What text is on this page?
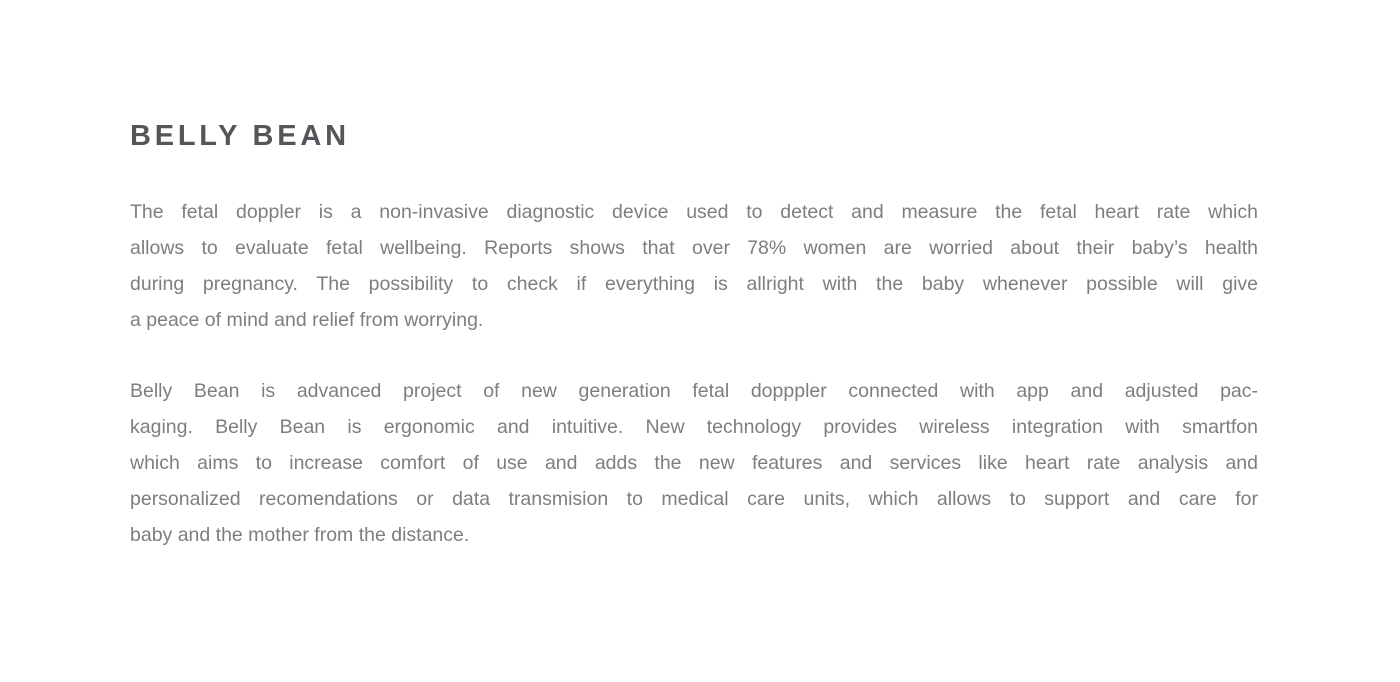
BELLY BEAN
The fetal doppler is a non-invasive diagnostic device used to detect and measure the fetal heart rate which
allows to evaluate fetal wellbeing. Reports shows that over 78% women are worried about their baby’s health
during pregnancy. The possibility to check if everything is allright with the baby whenever possible will give
a peace of mind and relief from worrying.
Belly Bean is advanced project of new generation fetal dopppler connected with app and adjusted pac-
kaging. Belly Bean is ergonomic and intuitive. New technology provides wireless integration with smartfon
which aims to increase comfort of use and adds the new features and services like heart rate analysis and
personalized recomendations or data transmision to medical care units, which allows to support and care for
baby and the mother from the distance.
